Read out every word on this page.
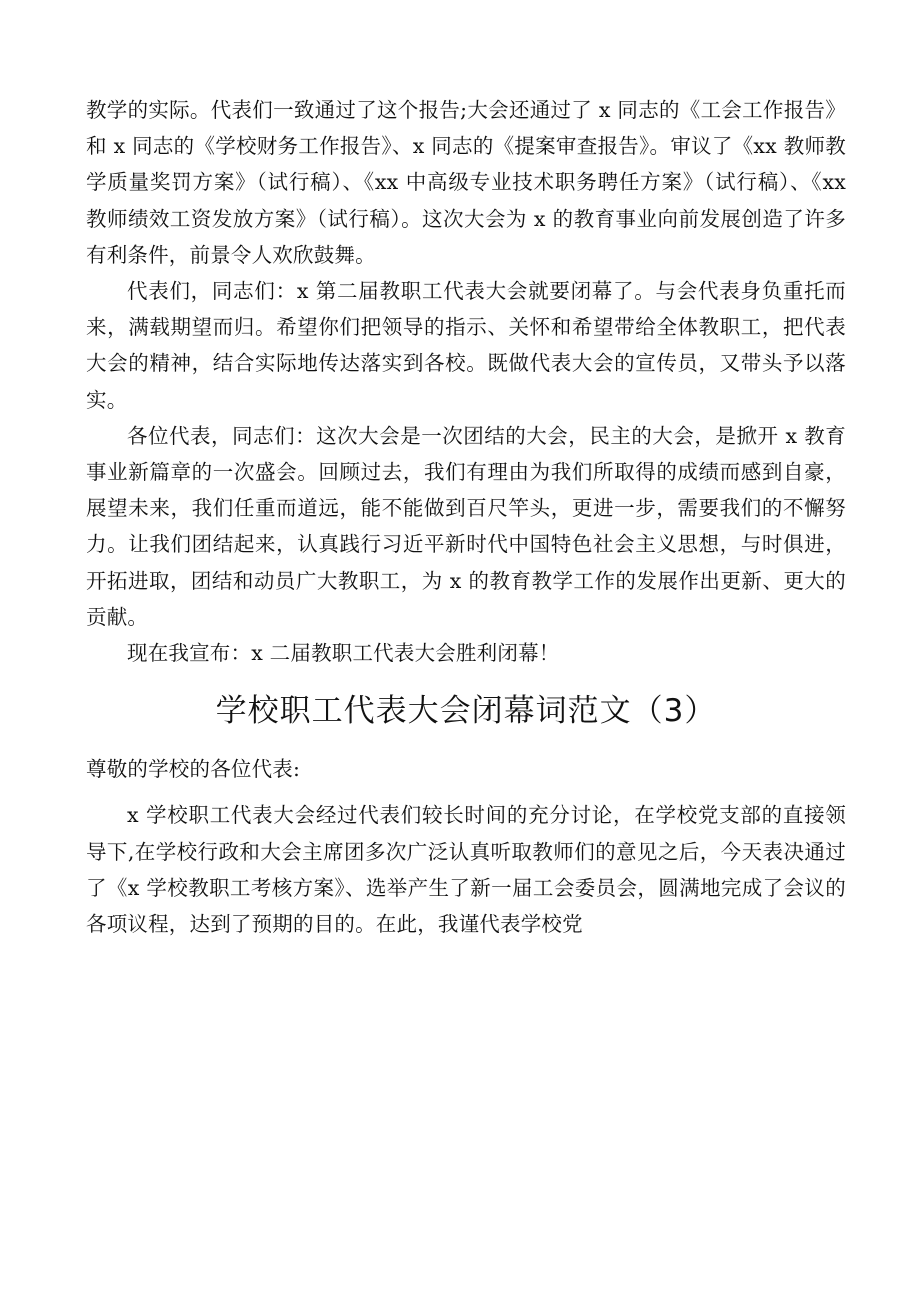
教学的实际。代表们一致通过了这个报告;大会还通过了 x 同志的《工会工作报告》和 x 同志的《学校财务工作报告》、x 同志的《提案审查报告》。审议了《xx 教师教学质量奖罚方案》（试行稿）、《xx 中高级专业技术职务聘任方案》（试行稿）、《xx 教师绩效工资发放方案》（试行稿）。这次大会为 x 的教育事业向前发展创造了许多有利条件，前景令人欢欣鼓舞。

代表们，同志们：x 第二届教职工代表大会就要闭幕了。与会代表身负重托而来，满载期望而归。希望你们把领导的指示、关怀和希望带给全体教职工，把代表大会的精神，结合实际地传达落实到各校。既做代表大会的宣传员，又带头予以落实。

各位代表，同志们：这次大会是一次团结的大会，民主的大会，是掀开 x 教育事业新篇章的一次盛会。回顾过去，我们有理由为我们所取得的成绩而感到自豪，展望未来，我们任重而道远，能不能做到百尺竿头，更进一步，需要我们的不懈努力。让我们团结起来，认真践行习近平新时代中国特色社会主义思想，与时俱进，开拓进取，团结和动员广大教职工，为 x 的教育教学工作的发展作出更新、更大的贡献。

现在我宣布：x 二届教职工代表大会胜利闭幕！

学校职工代表大会闭幕词范文（3）

尊敬的学校的各位代表:

x 学校职工代表大会经过代表们较长时间的充分讨论，在学校党支部的直接领导下,在学校行政和大会主席团多次广泛认真听取教师们的意见之后，今天表决通过了《x 学校教职工考核方案》、选举产生了新一届工会委员会，圆满地完成了会议的各项议程，达到了预期的目的。在此，我谨代表学校党
